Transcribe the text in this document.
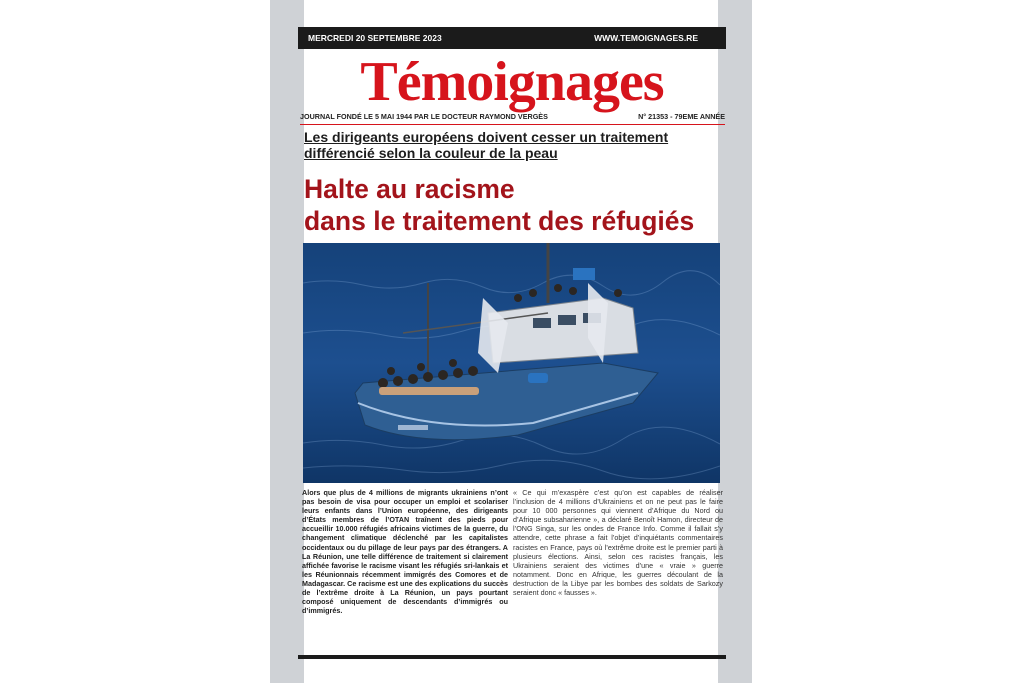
MERCREDI 20 SEPTEMBRE 2023	WWW.TEMOIGNAGES.RE
Témoignages
JOURNAL FONDÉ LE 5 MAI 1944 PAR LE DOCTEUR RAYMOND VERGÈS	N° 21353 - 79EME ANNÉE
Les dirigeants européens doivent cesser un traitement
différencié selon la couleur de la peau
Halte au racisme
dans le traitement des réfugiés
Alors que plus de 4 millions de migrants ukrainiens n’ont pas besoin de visa pour occuper un emploi et scolariser leurs enfants dans l’Union européenne, des dirigeants d’États membres de l’OTAN traînent des pieds pour accueillir 10.000 réfugiés africains victimes de la guerre, du changement climatique déclenché par les capitalistes occidentaux ou du pillage de leur pays par des étrangers. A La Réunion, une telle différence de traitement si clairement affichée favorise le racisme visant les réfugiés sri-lankais et les Réunionnais récemment immigrés des Comores et de Madagascar. Ce racisme est une des explications du succès de l’extrême droite à La Réunion, un pays pourtant composé uniquement de descendants d’immigrés ou d’immigrés.
« Ce qui m’exaspère c’est qu’on est capables de réaliser l’inclusion de 4 millions d’Ukrainiens et on ne peut pas le faire pour 10 000 personnes qui viennent d’Afrique du Nord ou d’Afrique subsaharienne », a déclaré Benoît Hamon, directeur de l’ONG Singa, sur les ondes de France Info. Comme il fallait s’y attendre, cette phrase a fait l’objet d’inquiétants commentaires racistes en France, pays où l’extrême droite est le premier parti à plusieurs élections. Ainsi, selon ces racistes français, les Ukrainiens seraient des victimes d’une « vraie » guerre notamment. Donc en Afrique, les guerres découlant de la destruction de la Libye par les bombes des soldats de Sarkozy seraient donc « fausses ».
